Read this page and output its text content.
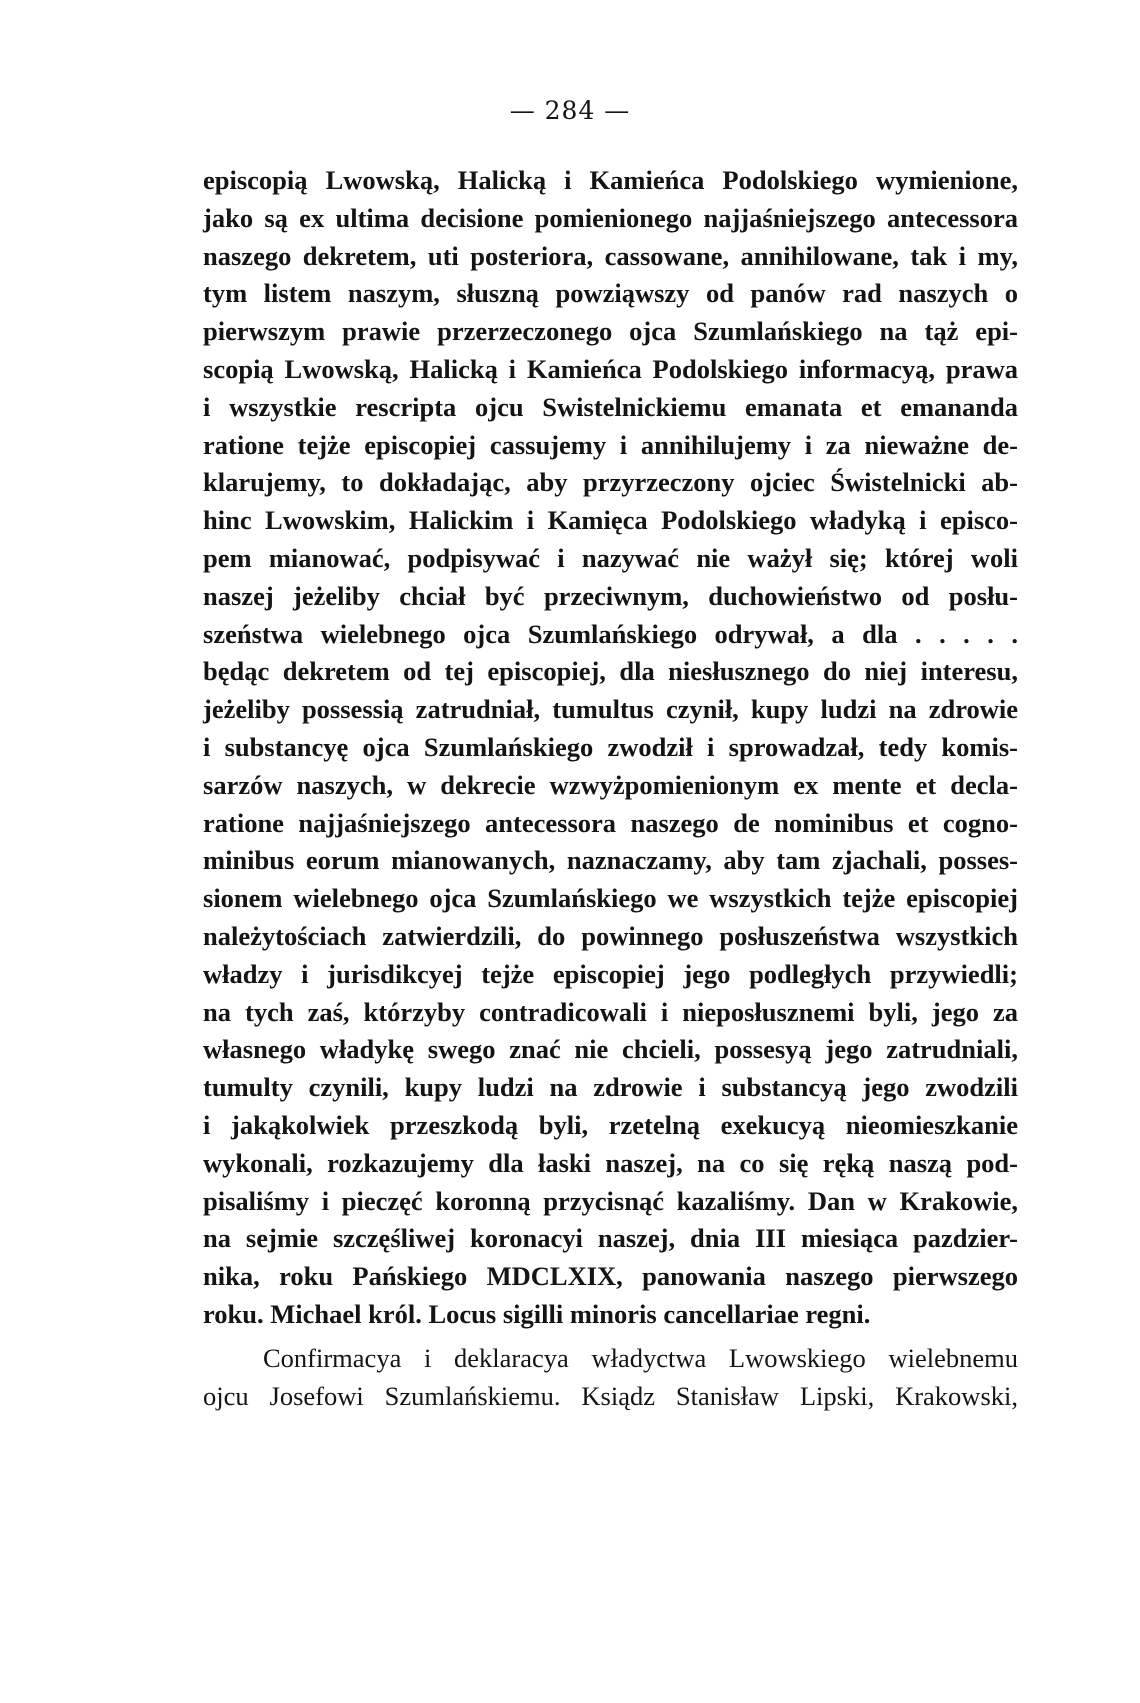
— 284 —
episcopią Lwowską, Halicką i Kamieńca Podolskiego wymienione,
jako są ex ultima decisione pomienionego najjaśniejszego antecessora
naszego dekretem, uti posteriora, cassowane, annihilowane, tak i my,
tym listem naszym, słuszną powziąwszy od panów rad naszych o
pierwszym prawie przerzeczonego ojca Szumlańskiego na tąż epi-
scopią Lwowską, Halicką i Kamieńca Podolskiego informacyą, prawa
i wszystkie rescripta ojcu Swistelnickiemu emanata et emananda
ratione tejże episcopiej cassujemy i annihilujemy i za nieważne de-
klarujemy, to dokładając, aby przyrzeczony ojciec Świstelnicki ab-
hinc Lwowskim, Halickim i Kamięca Podolskiego władyką i episco-
pem mianować, podpisywać i nazywać nie ważył się; której woli
naszej jeżeliby chciał być przeciwnym, duchowieństwo od posłu-
szeństwa wielebnego ojca Szumlańskiego odrywał, a dla . . . . .
będąc dekretem od tej episcopiej, dla niesłusznego do niej interesu,
jeżeliby possessią zatrudniał, tumultus czynił, kupy ludzi na zdrowie
i substancyę ojca Szumlańskiego zwodził i sprowadzał, tedy komis-
sarzów naszych, w dekrecie wzwyżpomienionym ex mente et decla-
ratione najjaśniejszego antecessora naszego de nominibus et cogno-
minibus eorum mianowanych, naznaczamy, aby tam zjachali, posses-
sionem wielebnego ojca Szumlańskiego we wszystkich tejże episcopiej
należytościach zatwierdzili, do powinnego posłuszeństwa wszystkich
władzy i jurisdikcyej tejże episcopiej jego podległych przywiedli;
na tych zaś, którzyby contradicowali i nieposłusznemi byli, jego za
własnego władykę swego znać nie chcieli, possesyą jego zatrudniali,
tumulty czynili, kupy ludzi na zdrowie i substancyą jego zwodzili
i jakąkolwiek przeszkodą byli, rzetelną exekucyą nieomieszkanie
wykonali, rozkazujemy dla łaski naszej, na co się ręką naszą pod-
pisaliśmy i pieczęć koronną przycisnąć kazaliśmy. Dan w Krakowie,
na sejmie szczęśliwej koronacyi naszej, dnia III miesiąca pazdzier-
nika, roku Pańskiego MDCLXIX, panowania naszego pierwszego
roku. Michael król. Locus sigilli minoris cancellariae regni.
Confirmacya i deklaracya władyctwa Lwowskiego wielebnemu
ojcu Josefowi Szumlańskiemu. Ksiądz Stanisław Lipski, Krakowski,
